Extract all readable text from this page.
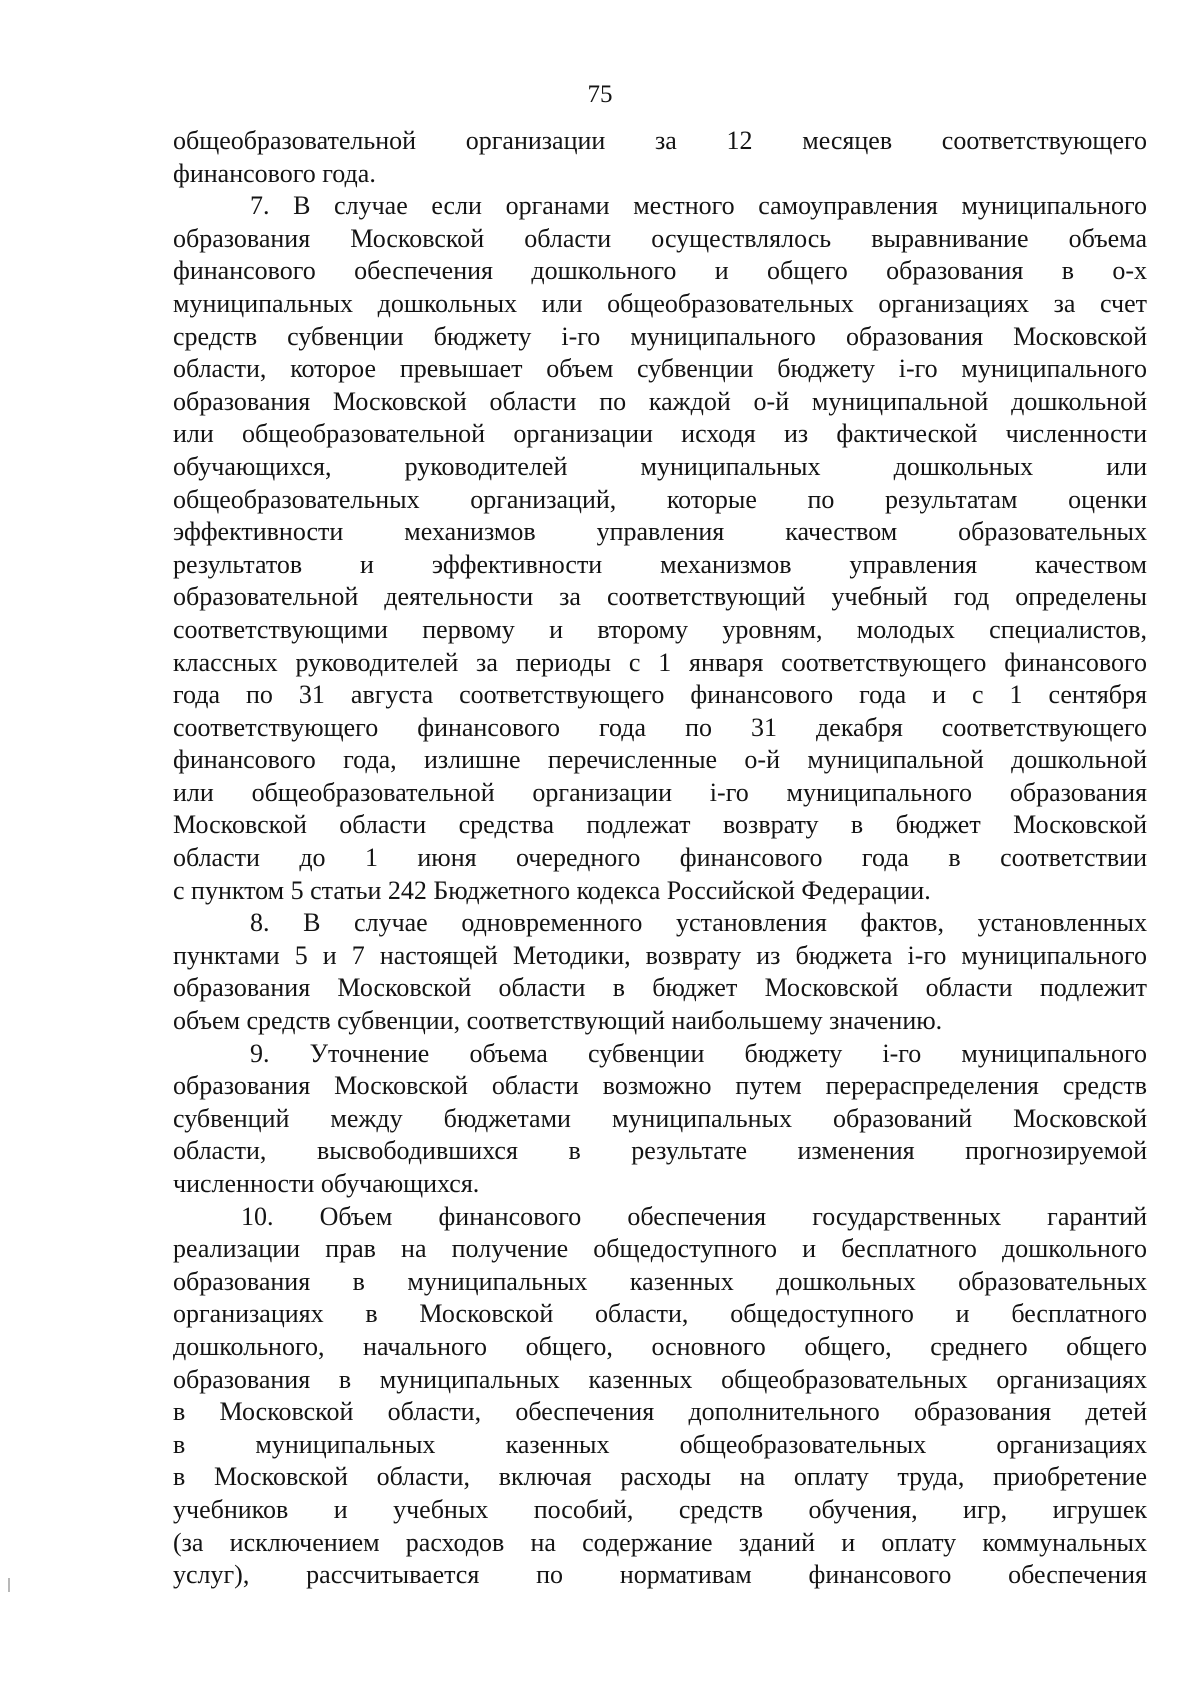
75
общеобразовательной организации за 12 месяцев соответствующего
финансового года.
7. В случае если органами местного самоуправления муниципального
образования Московской области осуществлялось выравнивание объема
финансового обеспечения дошкольного и общего образования в о-х
муниципальных дошкольных или общеобразовательных организациях за счет
средств субвенции бюджету i-го муниципального образования Московской
области, которое превышает объем субвенции бюджету i-го муниципального
образования Московской области по каждой о-й муниципальной дошкольной
или общеобразовательной организации исходя из фактической численности
обучающихся, руководителей муниципальных дошкольных или
общеобразовательных организаций, которые по результатам оценки
эффективности механизмов управления качеством образовательных
результатов и эффективности механизмов управления качеством
образовательной деятельности за соответствующий учебный год определены
соответствующими первому и второму уровням, молодых специалистов,
классных руководителей за периоды с 1 января соответствующего финансового
года по 31 августа соответствующего финансового года и с 1 сентября
соответствующего финансового года по 31 декабря соответствующего
финансового года, излишне перечисленные о-й муниципальной дошкольной
или общеобразовательной организации i-го муниципального образования
Московской области средства подлежат возврату в бюджет Московской
области до 1 июня очередного финансового года в соответствии
с пунктом 5 статьи 242 Бюджетного кодекса Российской Федерации.
8. В случае одновременного установления фактов, установленных
пунктами 5 и 7 настоящей Методики, возврату из бюджета i-го муниципального
образования Московской области в бюджет Московской области подлежит
объем средств субвенции, соответствующий наибольшему значению.
9. Уточнение объема субвенции бюджету i-го муниципального
образования Московской области возможно путем перераспределения средств
субвенций между бюджетами муниципальных образований Московской
области, высвободившихся в результате изменения прогнозируемой
численности обучающихся.
10. Объем финансового обеспечения государственных гарантий
реализации прав на получение общедоступного и бесплатного дошкольного
образования в муниципальных казенных дошкольных образовательных
организациях в Московской области, общедоступного и бесплатного
дошкольного, начального общего, основного общего, среднего общего
образования в муниципальных казенных общеобразовательных организациях
в Московской области, обеспечения дополнительного образования детей
в муниципальных казенных общеобразовательных организациях
в Московской области, включая расходы на оплату труда, приобретение
учебников и учебных пособий, средств обучения, игр, игрушек
(за исключением расходов на содержание зданий и оплату коммунальных
услуг), рассчитывается по нормативам финансового обеспечения
